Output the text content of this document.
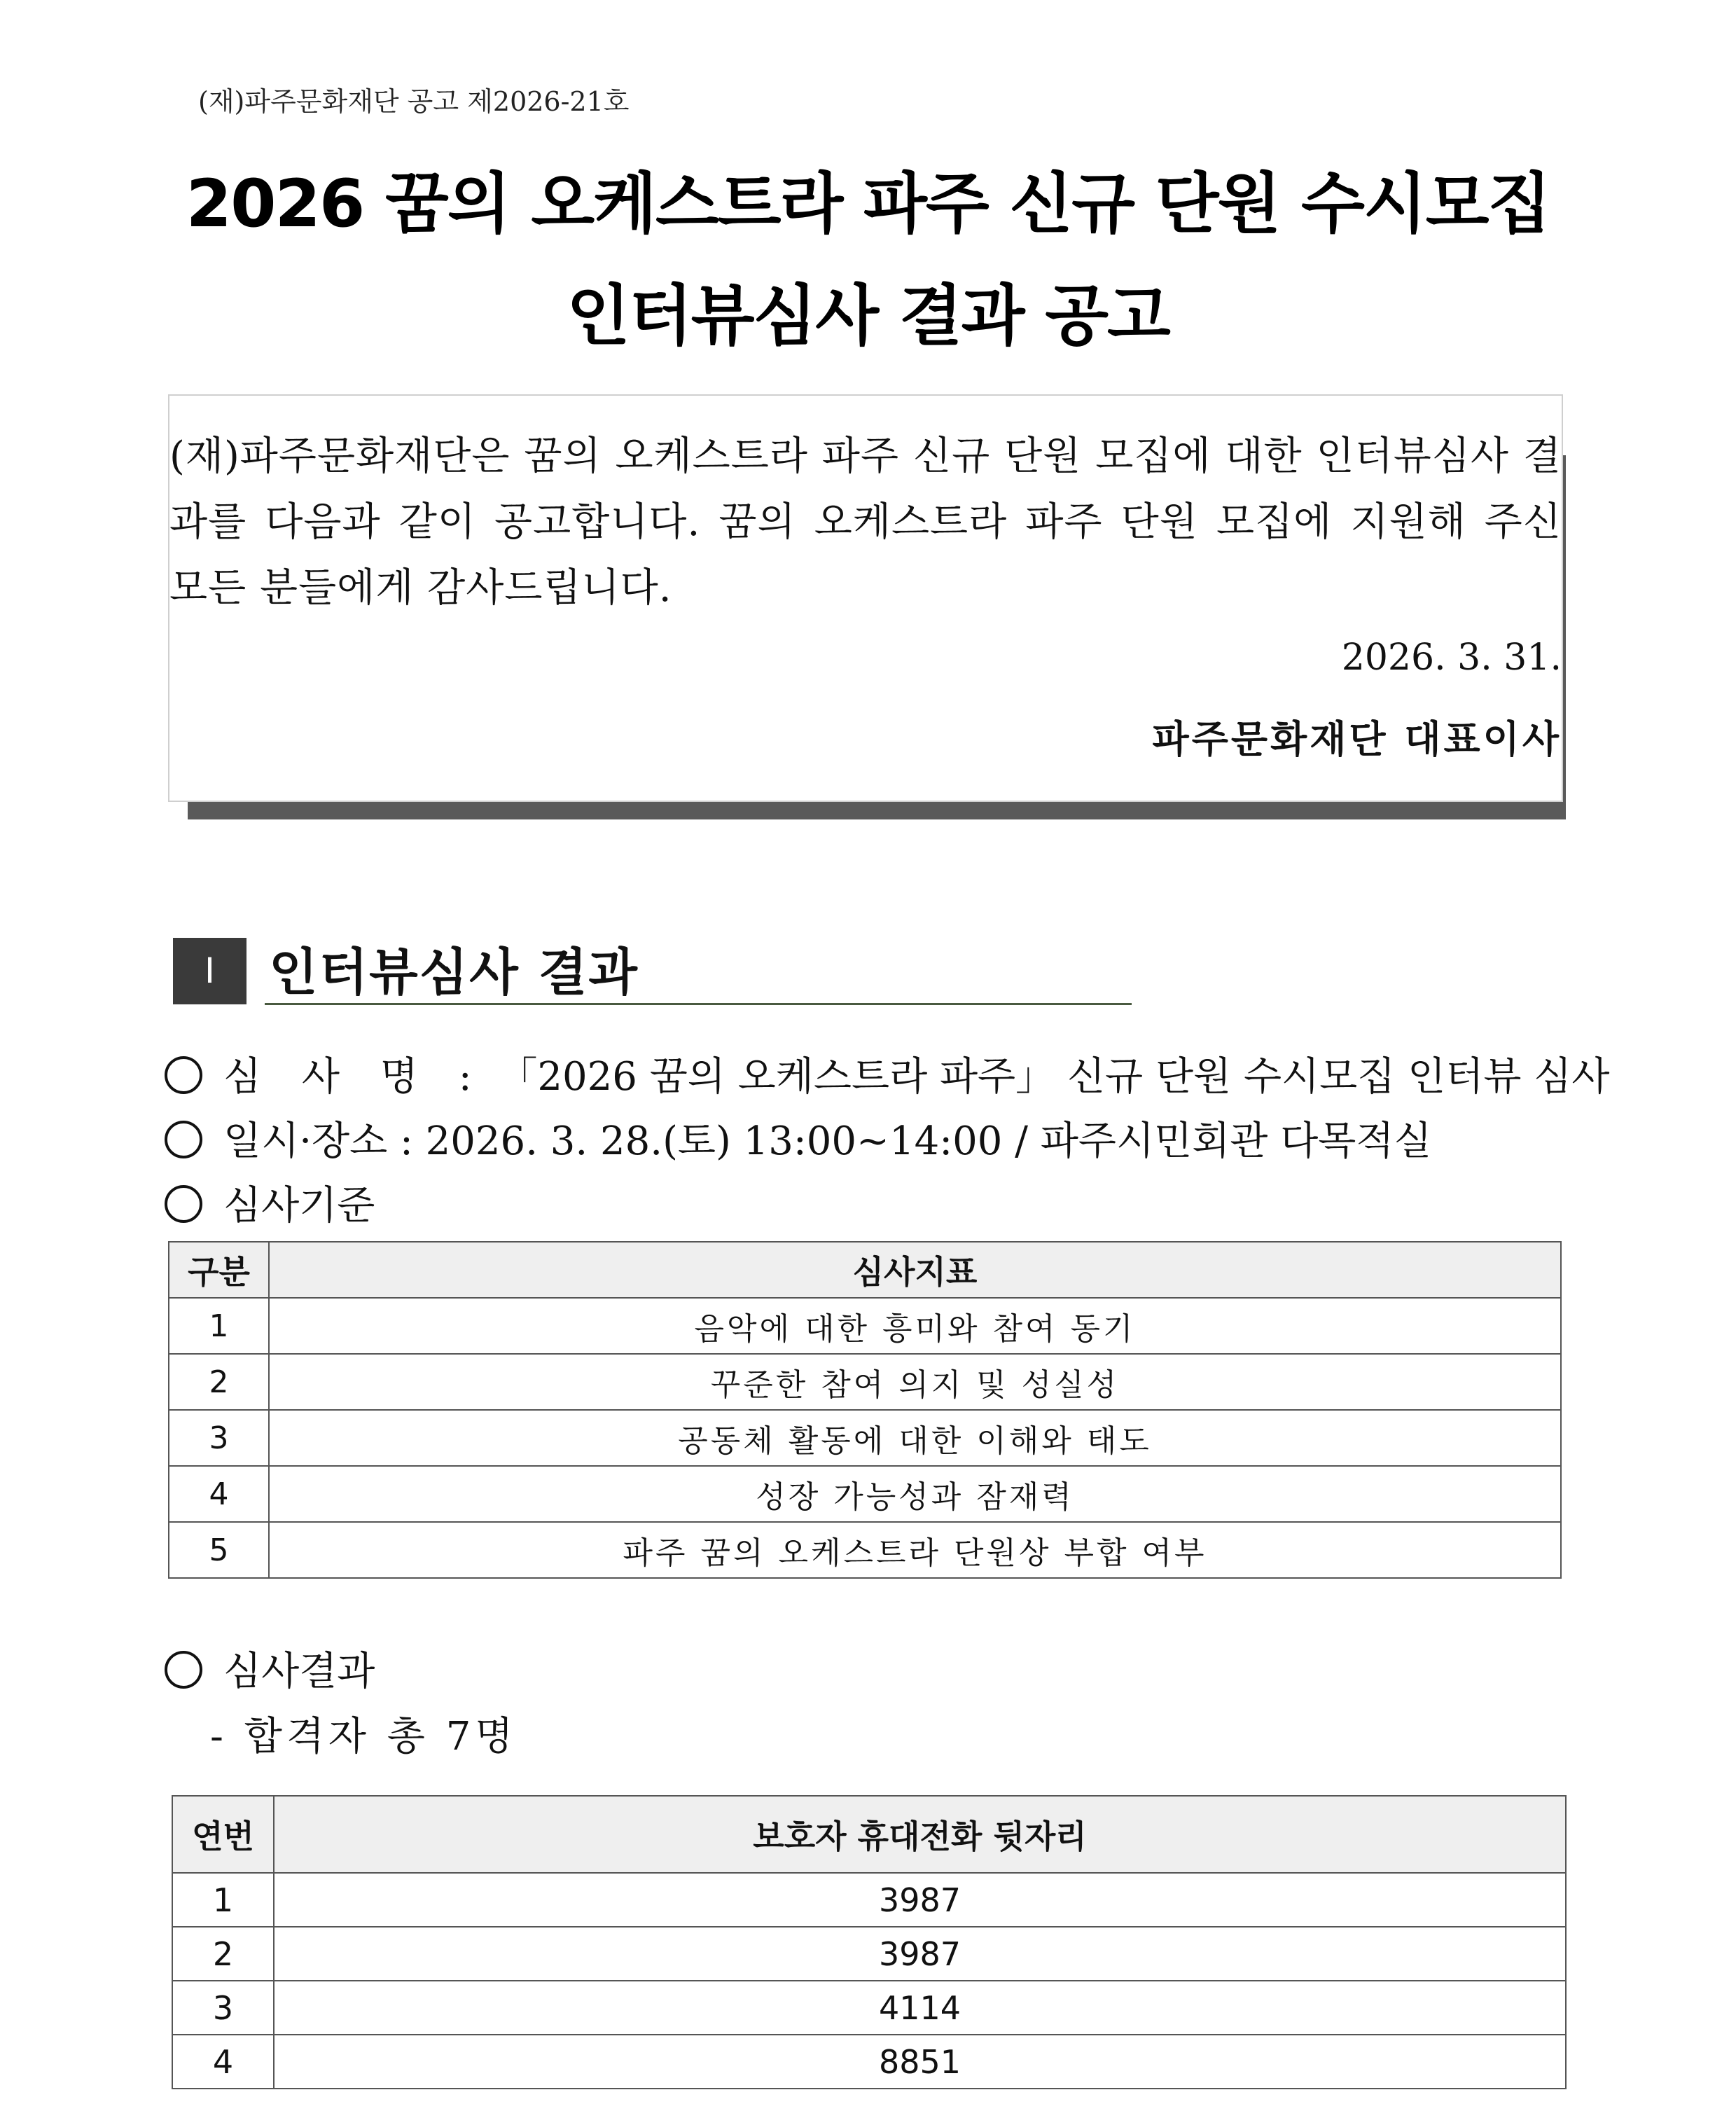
(재)파주문화재단 공고 제2026-21호
2026 꿈의 오케스트라 파주 신규 단원 수시모집
인터뷰심사 결과 공고
(재)파주문화재단은 꿈의 오케스트라 파주 신규 단원 모집에 대한 인터뷰심사 결과를 다음과 같이 공고합니다. 꿈의 오케스트라 파주 단원 모집에 지원해 주신 모든 분들에게 감사드립니다.
2026. 3. 31.
파주문화재단 대표이사
Ⅰ	인터뷰심사 결과
심 사 명 : 「2026 꿈의 오케스트라 파주」 신규 단원 수시모집 인터뷰 심사
일시·장소 : 2026. 3. 28.(토) 13:00~14:00 / 파주시민회관 다목적실
심사기준
구분	심사지표
1	음악에 대한 흥미와 참여 동기
2	꾸준한 참여 의지 및 성실성
3	공동체 활동에 대한 이해와 태도
4	성장 가능성과 잠재력
5	파주 꿈의 오케스트라 단원상 부합 여부
심사결과
- 합격자 총 7명
연번	보호자 휴대전화 뒷자리
1	3987
2	3987
3	4114
4	8851
